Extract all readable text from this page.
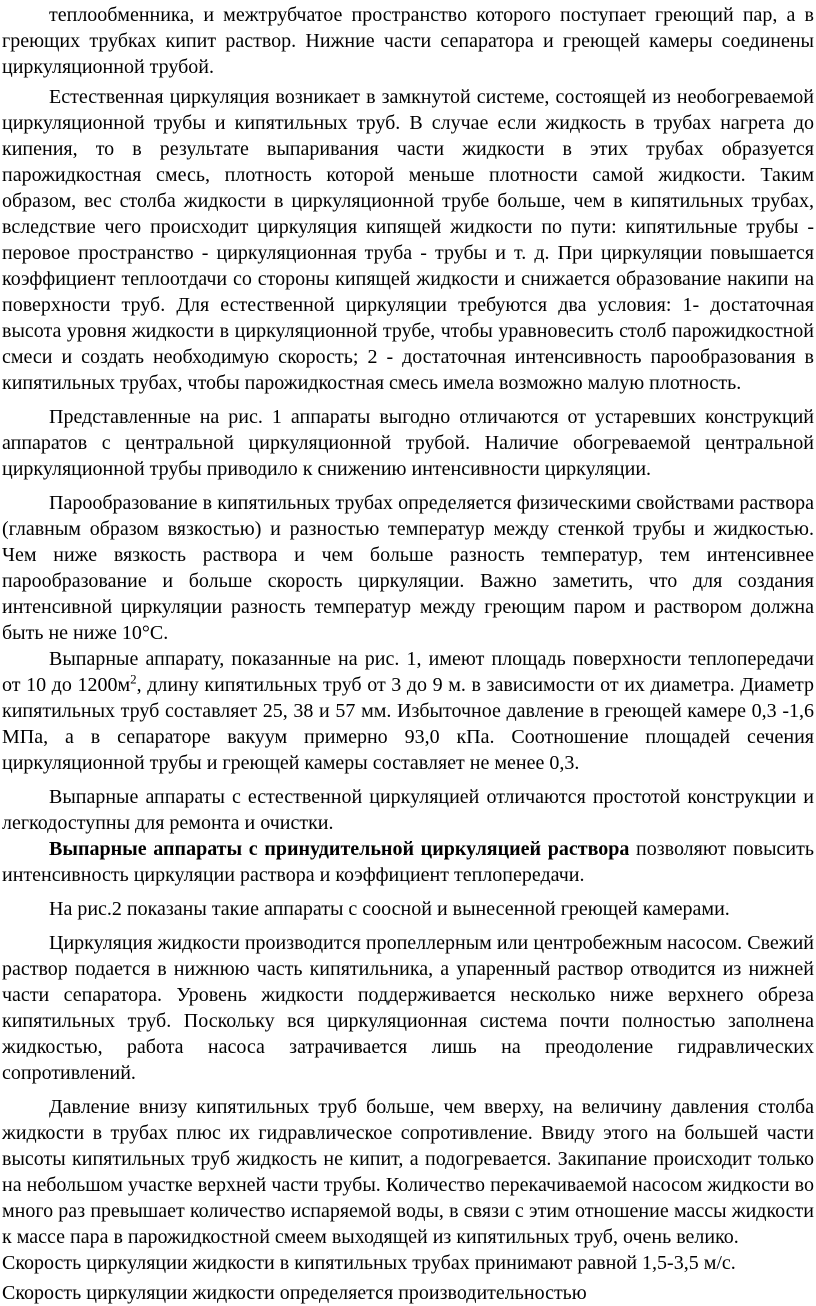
теплообменника, и межтрубчатое пространство которого поступает греющий пар, а в греющих трубках кипит раствор. Нижние части сепаратора и греющей камеры соединены циркуляционной трубой.

Естественная циркуляция возникает в замкнутой системе, состоящей из необогреваемой циркуляционной трубы и кипятильных труб. В случае если жидкость в трубах нагрета до кипения, то в результате выпаривания части жидкости в этих трубах образуется парожидкостная смесь, плотность которой меньше плотности самой жидкости. Таким образом, вес столба жидкости в циркуляционной трубе больше, чем в кипятильных трубах, вследствие чего происходит циркуляция кипящей жидкости по пути: кипятильные трубы - перовое пространство - циркуляционная труба - трубы и т. д. При циркуляции повышается коэффициент теплоотдачи со стороны кипящей жидкости и снижается образование накипи на поверхности труб. Для естественной циркуляции требуются два условия: 1- достаточная высота уровня жидкости в циркуляционной трубе, чтобы уравновесить столб парожидкостной смеси и создать необходимую скорость; 2 - достаточная интенсивность парообразования в кипятильных трубах, чтобы парожидкостная смесь имела возможно малую плотность.

Представленные на рис. 1 аппараты выгодно отличаются от устаревших конструкций аппаратов с центральной циркуляционной трубой. Наличие обогреваемой центральной циркуляционной трубы приводило к снижению интенсивности циркуляции.

Парообразование в кипятильных трубах определяется физическими свойствами раствора (главным образом вязкостью) и разностью температур между стенкой трубы и жидкостью. Чем ниже вязкость раствора и чем больше разность температур, тем интенсивнее парообразование и больше скорость циркуляции. Важно заметить, что для создания интенсивной циркуляции разность температур между греющим паром и раствором должна быть не ниже 10°С.

Выпарные аппарату, показанные на рис. 1, имеют площадь поверхности теплопередачи от 10 до $1200м^2$, длину кипятильных труб от 3 до 9 м. в зависимости от их диаметра. Диаметр кипятильных труб составляет 25, 38 и 57 мм. Избыточное давление в греющей камере 0,3 -1,6 МПа, а в сепараторе вакуум примерно 93,0 кПа. Соотношение площадей сечения циркуляционной трубы и греющей камеры составляет не менее 0,3.

Выпарные аппараты с естественной циркуляцией отличаются простотой конструкции и легкодоступны для ремонта и очистки.

Выпарные аппараты с принудительной циркуляцией раствора позволяют повысить интенсивность циркуляции раствора и коэффициент теплопередачи.

На рис.2 показаны такие аппараты с соосной и вынесенной греющей камерами.

Циркуляция жидкости производится пропеллерным или центробежным насосом. Свежий раствор подается в нижнюю часть кипятильника, а упаренный раствор отводится из нижней части сепаратора. Уровень жидкости поддерживается несколько ниже верхнего обреза кипятильных труб. Поскольку вся циркуляционная система почти полностью заполнена жидкостью, работа насоса затрачивается лишь на преодоление гидравлических сопротивлений.

Давление внизу кипятильных труб больше, чем вверху, на величину давления столба жидкости в трубах плюс их гидравлическое сопротивление. Ввиду этого на большей части высоты кипятильных труб жидкость не кипит, а подогревается. Закипание происходит только на небольшом участке верхней части трубы. Количество перекачиваемой насосом жидкости во много раз превышает количество испаряемой воды, в связи с этим отношение массы жидкости к массе пара в парожидкостной смеем выходящей из кипятильных труб, очень велико.

Скорость циркуляции жидкости в кипятильных трубах принимают равной 1,5-3,5 м/с.

Скорость циркуляции жидкости определяется производительностью
